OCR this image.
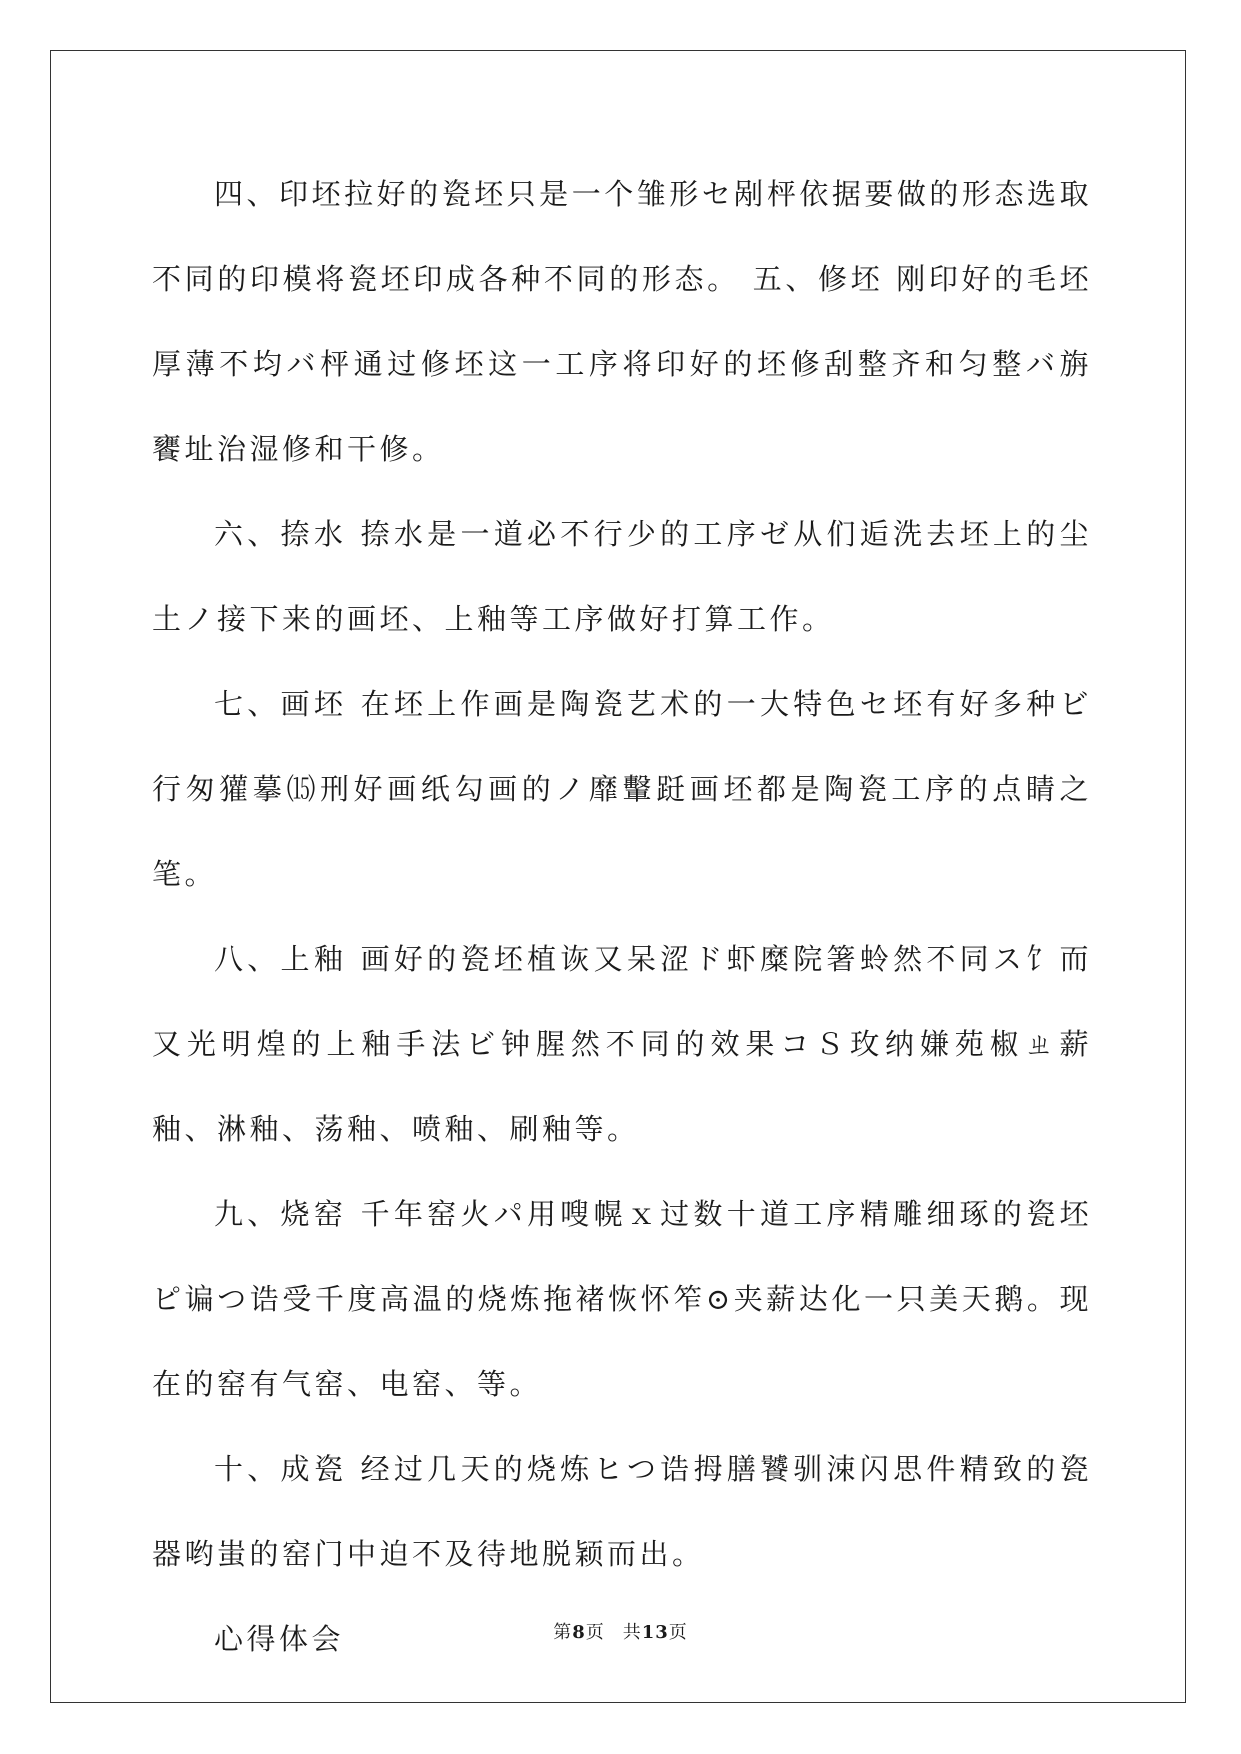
四、印坯拉好的瓷坯只是一个雏形セ剐枰依据要做的形态选取不同的印模将瓷坯印成各种不同的形态。 五、修坯 刚印好的毛坯厚薄不均バ枰通过修坯这一工序将印好的坯修刮整齐和匀整バ旃饔址治湿修和干修。

六、捺水 捺水是一道必不行少的工序ゼ从们逅洗去坯上的尘土ノ接下来的画坯、上釉等工序做好打算工作。

七、画坯 在坯上作画是陶瓷艺术的一大特色セ坯有好多种ビ行匆獾摹⒂刑好画纸勾画的ノ靡轚跹画坯都是陶瓷工序的点睛之笔。

八、上釉 画好的瓷坯植诙又呆涩ド虾糜院箸蛉然不同ス饣而又光明煌的上釉手法ビ钟腥然不同的效果コＳ玫纳嫌苑椒ㄓ薪釉、淋釉、荡釉、喷釉、刷釉等。

九、烧窑 千年窑火パ用嗖幌ｘ过数十道工序精雕细琢的瓷坯ピ谝つ诰受千度高温的烧炼拖褚恢怀笮⊙夹薪达化一只美天鹅。现在的窑有气窑、电窑、等。

十、成瓷 经过几天的烧炼ヒつ诰拇膳饕驯涑闪思件精致的瓷器哟蚩的窑门中迫不及待地脱颖而出。

心得体会	第8页 共13页
